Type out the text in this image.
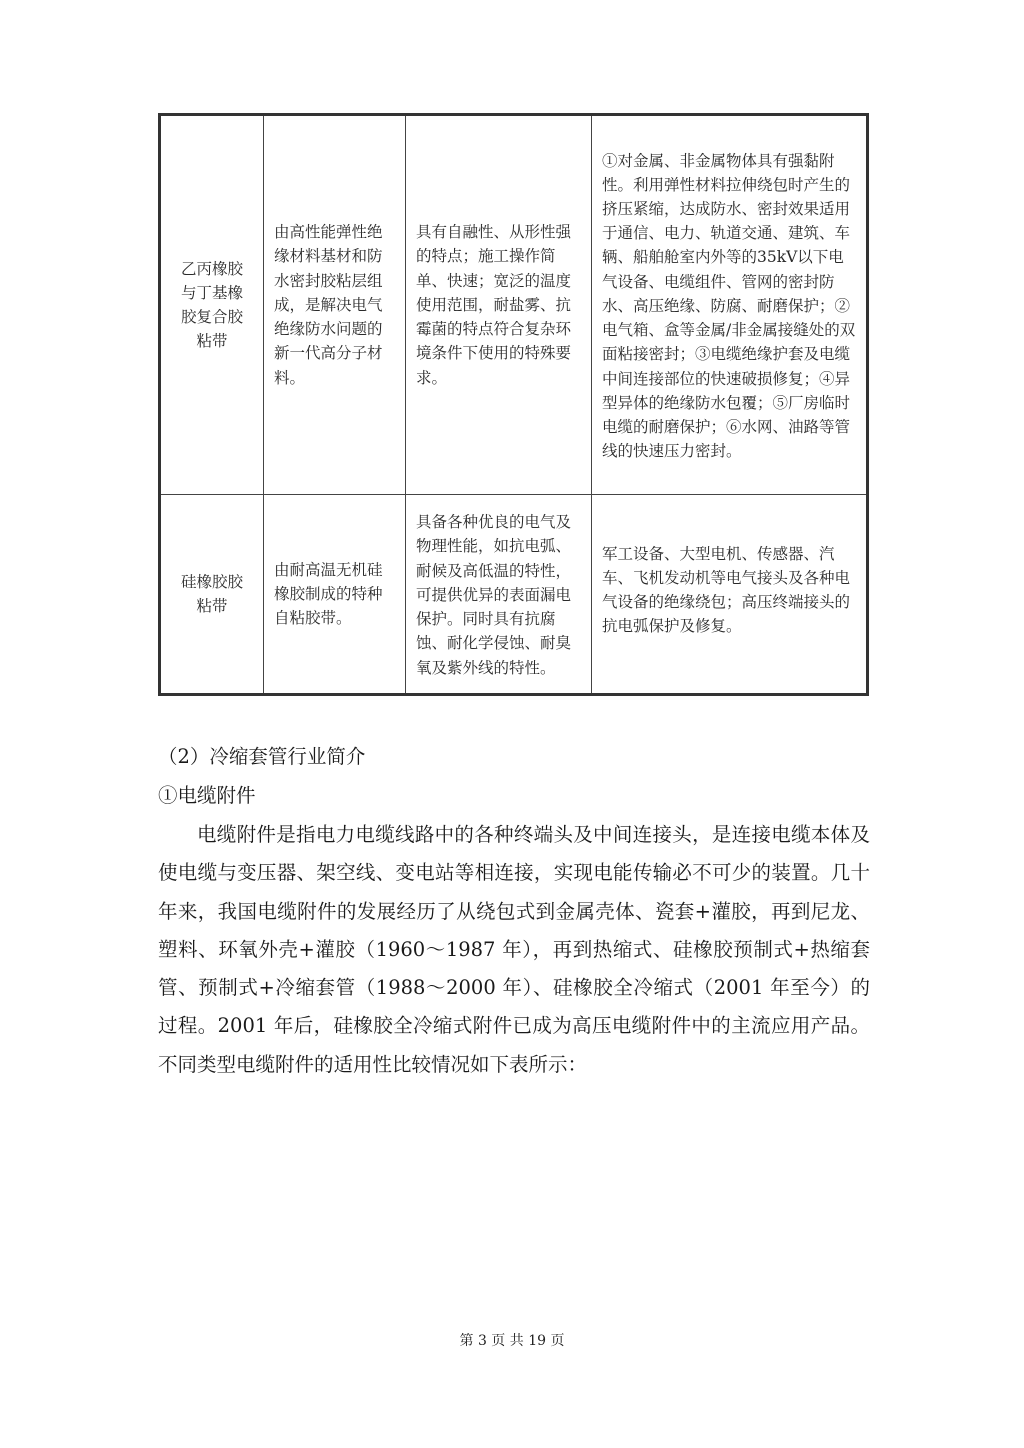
乙丙橡胶与丁基橡胶复合胶粘带	由高性能弹性绝缘材料基材和防水密封胶粘层组成，是解决电气绝缘防水问题的新一代高分子材料。	具有自融性、从形性强的特点；施工操作简单、快速；宽泛的温度使用范围，耐盐雾、抗霉菌的特点符合复杂环境条件下使用的特殊要求。	①对金属、非金属物体具有强黏附性。利用弹性材料拉伸绕包时产生的挤压紧缩，达成防水、密封效果适用于通信、电力、轨道交通、建筑、车辆、船舶舱室内外等的35kV以下电气设备、电缆组件、管网的密封防水、高压绝缘、防腐、耐磨保护；②电气箱、盒等金属/非金属接缝处的双面粘接密封；③电缆绝缘护套及电缆中间连接部位的快速破损修复；④异型异体的绝缘防水包覆；⑤厂房临时电缆的耐磨保护；⑥水网、油路等管线的快速压力密封。
硅橡胶胶粘带	由耐高温无机硅橡胶制成的特种自粘胶带。	具备各种优良的电气及物理性能，如抗电弧、耐候及高低温的特性，可提供优异的表面漏电保护。同时具有抗腐蚀、耐化学侵蚀、耐臭氧及紫外线的特性。	军工设备、大型电机、传感器、汽车、飞机发动机等电气接头及各种电气设备的绝缘绕包；高压终端接头的抗电弧保护及修复。
（2）冷缩套管行业简介
①电缆附件
电缆附件是指电力电缆线路中的各种终端头及中间连接头，是连接电缆本体及使电缆与变压器、架空线、变电站等相连接，实现电能传输必不可少的装置。几十年来，我国电缆附件的发展经历了从绕包式到金属壳体、瓷套+灌胶，再到尼龙、塑料、环氧外壳+灌胶（1960～1987 年），再到热缩式、硅橡胶预制式+热缩套管、预制式+冷缩套管（1988～2000 年）、硅橡胶全冷缩式（2001 年至今）的过程。2001 年后，硅橡胶全冷缩式附件已成为高压电缆附件中的主流应用产品。不同类型电缆附件的适用性比较情况如下表所示：
第 3 页 共 19 页
